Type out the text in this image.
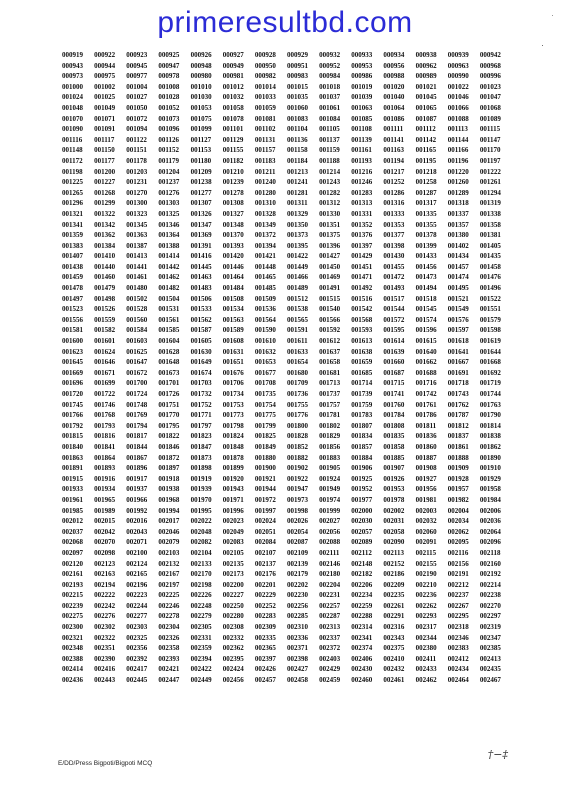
primeresultbd.com	·
·
000919	000922	000923	000925	000926	000927	000928	000929	000932	000933	000934	000938	000939	000942
000943	000944	000945	000947	000948	000949	000950	000951	000952	000953	000956	000962	000963	000968
000973	000975	000977	000978	000980	000981	000982	000983	000984	000986	000988	000989	000990	000996
001000	001002	001004	001008	001010	001012	001014	001015	001018	001019	001020	001021	001022	001023
001024	001025	001027	001028	001030	001032	001033	001035	001037	001039	001040	001045	001046	001047
001048	001049	001050	001052	001053	001058	001059	001060	001061	001063	001064	001065	001066	001068
001070	001071	001072	001073	001075	001078	001081	001083	001084	001085	001086	001087	001088	001089
001090	001091	001094	001096	001099	001101	001102	001104	001105	001108	001111	001112	001113	001115
001116	001117	001122	001126	001127	001129	001131	001136	001137	001139	001141	001142	001144	001147
001148	001150	001151	001152	001153	001155	001157	001158	001159	001161	001163	001165	001166	001170
001172	001177	001178	001179	001180	001182	001183	001184	001188	001193	001194	001195	001196	001197
001198	001200	001203	001204	001209	001210	001211	001213	001214	001216	001217	001218	001220	001222
001225	001227	001231	001237	001238	001239	001240	001241	001243	001246	001252	001258	001260	001261
001265	001268	001270	001276	001277	001278	001280	001281	001282	001283	001286	001287	001289	001294
001296	001299	001300	001303	001307	001308	001310	001311	001312	001313	001316	001317	001318	001319
001321	001322	001323	001325	001326	001327	001328	001329	001330	001331	001333	001335	001337	001338
001341	001342	001345	001346	001347	001348	001349	001350	001351	001352	001353	001355	001357	001358
001359	001362	001363	001364	001369	001370	001372	001373	001375	001376	001377	001378	001380	001381
001383	001384	001387	001388	001391	001393	001394	001395	001396	001397	001398	001399	001402	001405
001407	001410	001413	001414	001416	001420	001421	001422	001427	001429	001430	001433	001434	001435
001438	001440	001441	001442	001445	001446	001448	001449	001450	001451	001455	001456	001457	001458
001459	001460	001461	001462	001463	001464	001465	001466	001469	001471	001472	001473	001474	001476
001478	001479	001480	001482	001483	001484	001485	001489	001491	001492	001493	001494	001495	001496
001497	001498	001502	001504	001506	001508	001509	001512	001515	001516	001517	001518	001521	001522
001523	001526	001528	001531	001533	001534	001536	001538	001540	001542	001544	001545	001549	001551
001556	001559	001560	001561	001562	001563	001564	001565	001566	001568	001572	001574	001576	001579
001581	001582	001584	001585	001587	001589	001590	001591	001592	001593	001595	001596	001597	001598
001600	001601	001603	001604	001605	001608	001610	001611	001612	001613	001614	001615	001618	001619
001623	001624	001625	001628	001630	001631	001632	001633	001637	001638	001639	001640	001641	001644
001645	001646	001647	001648	001649	001651	001653	001654	001658	001659	001660	001662	001667	001668
001669	001671	001672	001673	001674	001676	001677	001680	001681	001685	001687	001688	001691	001692
001696	001699	001700	001701	001703	001706	001708	001709	001713	001714	001715	001716	001718	001719
001720	001722	001724	001726	001732	001734	001735	001736	001737	001739	001741	001742	001743	001744
001745	001746	001748	001751	001752	001753	001754	001755	001757	001759	001760	001761	001762	001763
001766	001768	001769	001770	001771	001773	001775	001776	001781	001783	001784	001786	001787	001790
001792	001793	001794	001795	001797	001798	001799	001800	001802	001807	001808	001811	001812	001814
001815	001816	001817	001822	001823	001824	001825	001828	001829	001834	001835	001836	001837	001838
001840	001841	001844	001846	001847	001848	001849	001852	001856	001857	001858	001860	001861	001862
001863	001864	001867	001872	001873	001878	001880	001882	001883	001884	001885	001887	001888	001890
001891	001893	001896	001897	001898	001899	001900	001902	001905	001906	001907	001908	001909	001910
001915	001916	001917	001918	001919	001920	001921	001922	001924	001925	001926	001927	001928	001929
001933	001934	001937	001938	001939	001943	001944	001947	001949	001952	001953	001956	001957	001958
001961	001965	001966	001968	001970	001971	001972	001973	001974	001977	001978	001981	001982	001984
001985	001989	001992	001994	001995	001996	001997	001998	001999	002000	002002	002003	002004	002006
002012	002015	002016	002017	002022	002023	002024	002026	002027	002030	002031	002032	002034	002036
002037	002042	002043	002046	002048	002049	002051	002054	002056	002057	002058	002060	002062	002064
002068	002070	002071	002079	002082	002083	002084	002087	002088	002089	002090	002091	002095	002096
002097	002098	002100	002103	002104	002105	002107	002109	002111	002112	002113	002115	002116	002118
002120	002123	002124	002132	002133	002135	002137	002139	002146	002148	002152	002155	002156	002160
002161	002163	002165	002167	002170	002173	002176	002179	002180	002182	002186	002190	002191	002192
002193	002194	002196	002197	002198	002200	002201	002202	002204	002206	002209	002210	002212	002214
002215	002222	002223	002225	002226	002227	002229	002230	002231	002234	002235	002236	002237	002238
002239	002242	002244	002246	002248	002250	002252	002256	002257	002259	002261	002262	002267	002270
002275	002276	002277	002278	002279	002280	002283	002285	002287	002288	002291	002293	002295	002297
002300	002302	002303	002304	002305	002308	002309	002310	002313	002314	002316	002317	002318	002319
002321	002322	002325	002326	002331	002332	002335	002336	002337	002341	002343	002344	002346	002347
002348	002351	002356	002358	002359	002362	002365	002371	002372	002374	002375	002380	002383	002385
002388	002390	002392	002393	002394	002395	002397	002398	002403	002406	002410	002411	002412	002413
002414	002416	002417	002421	002422	002424	002426	002427	002429	002430	002432	002433	002434	002435
002436	002443	002445	002447	002449	002456	002457	002458	002459	002460	002461	002462	002464	002467
E/DD/Press Bigpoti/Bigpoti MCQ
†−‡
